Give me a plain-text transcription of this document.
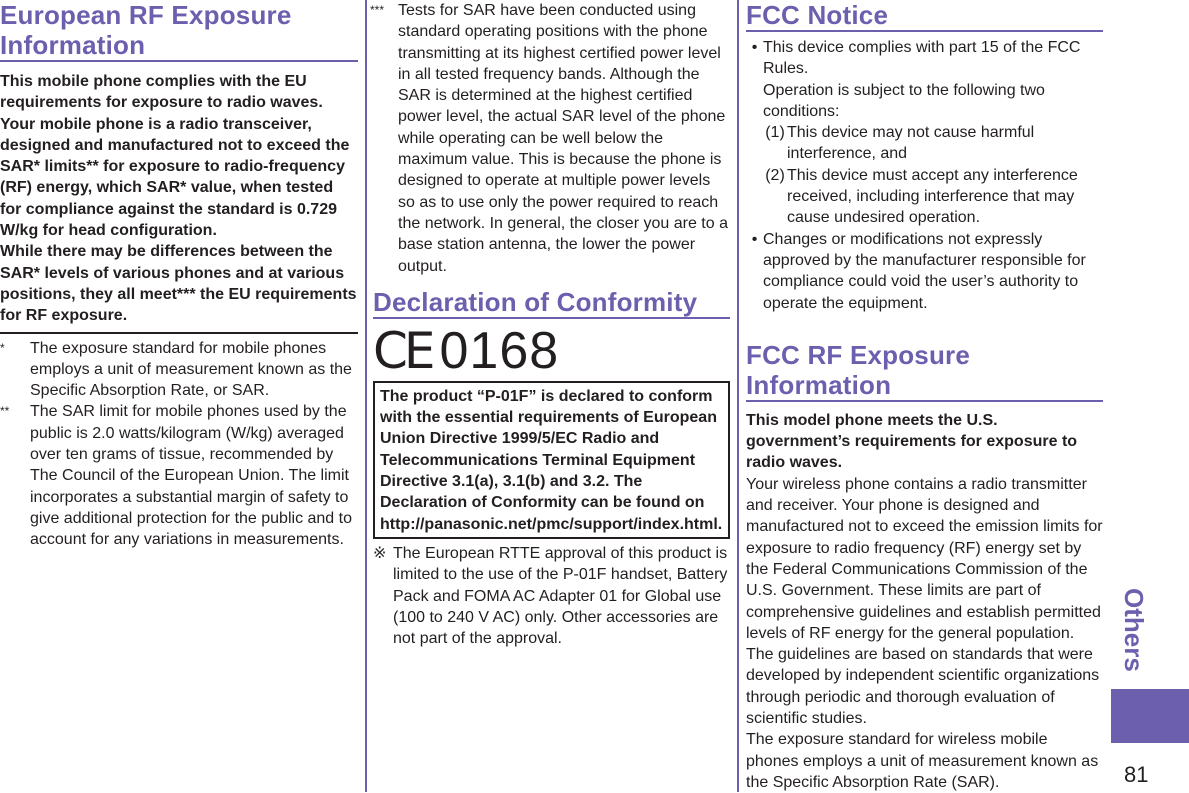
European RF Exposure Information
This mobile phone complies with the EU requirements for exposure to radio waves. Your mobile phone is a radio transceiver, designed and manufactured not to exceed the SAR* limits** for exposure to radio-frequency (RF) energy, which SAR* value, when tested for compliance against the standard is 0.729 W/kg for head configuration.
While there may be differences between the SAR* levels of various phones and at various positions, they all meet*** the EU requirements for RF exposure.
*	The exposure standard for mobile phones employs a unit of measurement known as the Specific Absorption Rate, or SAR.
**	The SAR limit for mobile phones used by the public is 2.0 watts/kilogram (W/kg) averaged over ten grams of tissue, recommended by The Council of the European Union. The limit incorporates a substantial margin of safety to give additional protection for the public and to account for any variations in measurements.
*** Tests for SAR have been conducted using standard operating positions with the phone transmitting at its highest certified power level in all tested frequency bands. Although the SAR is determined at the highest certified power level, the actual SAR level of the phone while operating can be well below the maximum value. This is because the phone is designed to operate at multiple power levels so as to use only the power required to reach the network. In general, the closer you are to a base station antenna, the lower the power output.
Declaration of Conformity
CE 0168
The product “P-01F” is declared to conform with the essential requirements of European Union Directive 1999/5/EC Radio and Telecommunications Terminal Equipment Directive 3.1(a), 3.1(b) and 3.2. The Declaration of Conformity can be found on http://panasonic.net/pmc/support/index.html.
※ The European RTTE approval of this product is limited to the use of the P-01F handset, Battery Pack and FOMA AC Adapter 01 for Global use (100 to 240 V AC) only. Other accessories are not part of the approval.
FCC Notice
• This device complies with part 15 of the FCC Rules.
Operation is subject to the following two conditions:
(1) This device may not cause harmful interference, and
(2) This device must accept any interference received, including interference that may cause undesired operation.
• Changes or modifications not expressly approved by the manufacturer responsible for compliance could void the user’s authority to operate the equipment.
FCC RF Exposure Information
This model phone meets the U.S. government’s requirements for exposure to radio waves.

Your wireless phone contains a radio transmitter and receiver. Your phone is designed and manufactured not to exceed the emission limits for exposure to radio frequency (RF) energy set by the Federal Communications Commission of the U.S. Government. These limits are part of comprehensive guidelines and establish permitted levels of RF energy for the general population. The guidelines are based on standards that were developed by independent scientific organizations through periodic and thorough evaluation of scientific studies.

The exposure standard for wireless mobile phones employs a unit of measurement known as the Specific Absorption Rate (SAR).

Others
81
